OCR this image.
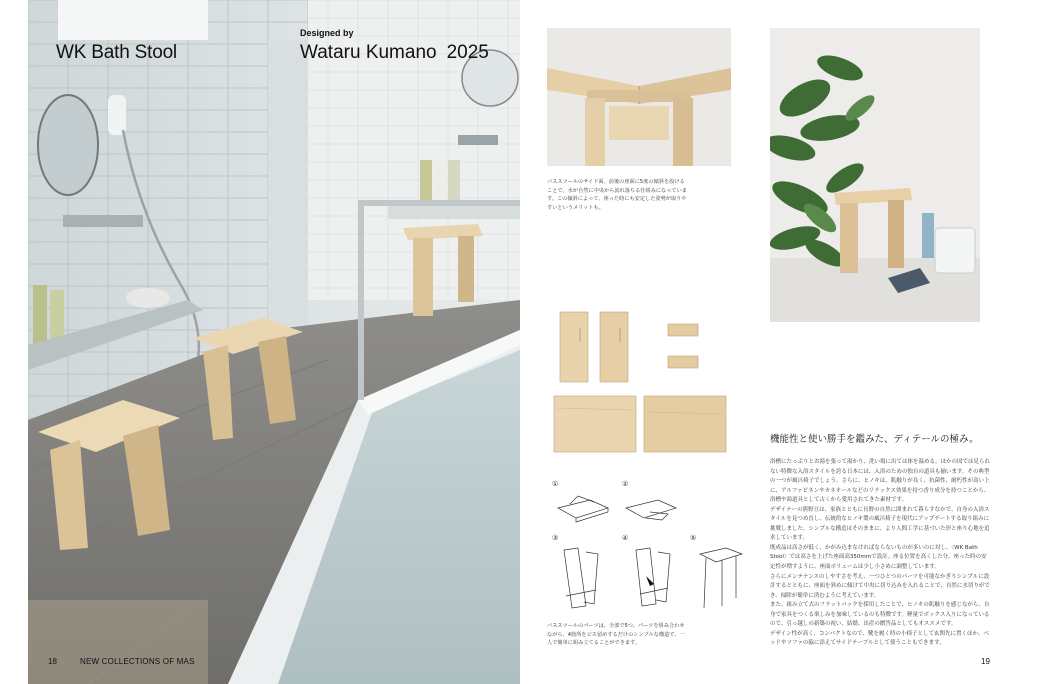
WK Bath Stool
Designed by
Wataru Kumano 2025
18	NEW COLLECTIONS OF MAS
バススツールのサイド面。前後の座面に5度の傾斜を設けることで、水が自然に中央から流れ落ちる仕組みになっています。この傾斜によって、座った時にも安定した姿勢が取りやすいというメリットも。
①	②
③	④	⑤
バススツールのパーツは、全部で5つ。パーツを組み合わせながら、4箇所をビス留めするだけのシンプルな構造で、一人で簡単に組み立てることができます。
機能性と使い勝手を鑑みた、ディテールの極み。
浴槽にたっぷりとお湯を張って湯かり、洗い場に出ては体を温める。ほかの国では見られない特徴な入浴スタイルを誇る日本には、入浴のための独自の道具も揃います。その典型の一つが風呂椅子でしょう。さらに、ヒノキは、肌触りが良く、抗菌性、耐朽性が高い上に、アルファピネンやカネオールなどのリラックス効果を持つ香り成分を持つことから、浴槽や湯道具として古くから愛用されてきた素材です。
デザイナーの熊野亘は、家族とともに長野の自然に囲まれて暮らすなかで、自身の入浴スタイルを見つめ直し、伝統的なヒノキ製の風呂椅子を現代にアップデートする取り組みに挑戦しました。シンプルな構造はそのままに、より人間工学に基づいた形と座り心地を追求しています。
既成品は高さが低く、かがみ込まなければならないものが多いのに対し、〈WK Bath Stool〉では高さを上げた座面高350mmで設計。座る位置を高くした分、座った時の安定性が増すように、座面ボリュームは少し小さめに調整しています。
さらにメンテナンスのしやすさを考え、一つひとつのパーツを可能なかぎりシンプルに設計するとともに、座面を斜めに傾けて中央に切り込みを入れることで、自然に水切りができ、掃除が簡単に済むように考えています。
また、組み立て式のフラットパックを採用したことで、ヒノキの肌触りを感じながら、自身で家具をつくる楽しみを加味しているのも特徴です。軽量でボックス入りになっているので、引っ越しの新築の祝い、結婚、出産の贈答品としてもオススメです。
デザイン性が高く、コンパクトなので、靴を履く時の小椅子として玄関先に置くほか、ベッドやソファの脇に添えてサイドテーブルとして使うこともできます。
19
